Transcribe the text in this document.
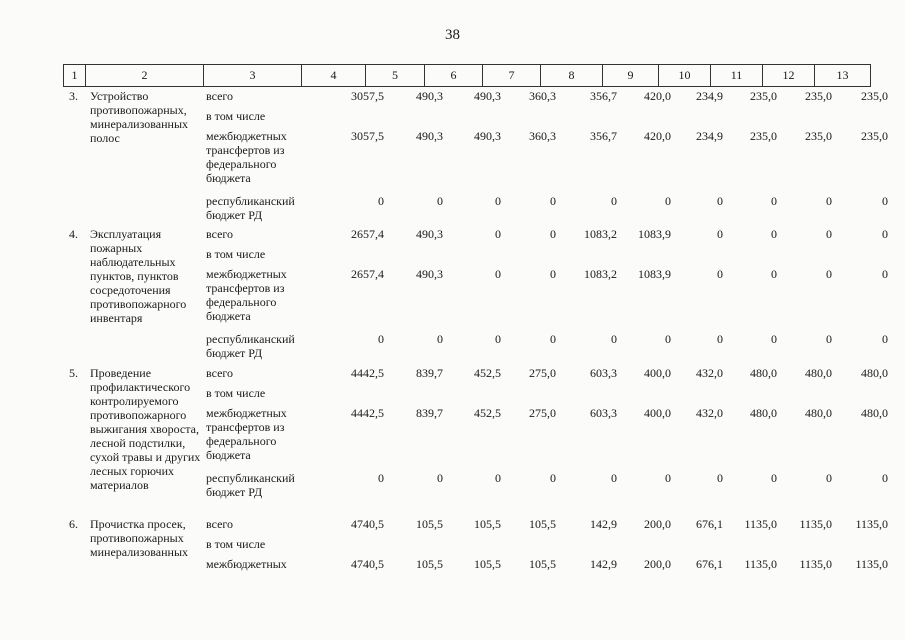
38
1	2	3	4	5	6	7	8	9	10	11	12	13
3. Устройство
противопожарных,
минерализованных
полос
всего	3057,5	490,3	490,3	360,3	356,7	420,0	234,9	235,0	235,0	235,0
в том числе
межбюджетных
трансфертов из
федерального
бюджета
3057,5	490,3	490,3	360,3	356,7	420,0	234,9	235,0	235,0	235,0
республиканский
бюджет РД
0	0	0	0	0	0	0	0	0	0
4. Эксплуатация
пожарных
наблюдательных
пунктов, пунктов
сосредоточения
противопожарного
инвентаря
всего	2657,4	490,3	0	0	1083,2	1083,9	0	0	0	0
в том числе
межбюджетных
трансфертов из
федерального
бюджета
2657,4	490,3	0	0	1083,2	1083,9	0	0	0	0
республиканский
бюджет РД
0	0	0	0	0	0	0	0	0	0
5. Проведение
профилактического
контролируемого
противопожарного
выжигания хвороста,
лесной подстилки,
сухой травы и других
лесных горючих
материалов
всего	4442,5	839,7	452,5	275,0	603,3	400,0	432,0	480,0	480,0	480,0
в том числе
межбюджетных
трансфертов из
федерального
бюджета
4442,5	839,7	452,5	275,0	603,3	400,0	432,0	480,0	480,0	480,0
республиканский
бюджет РД
0	0	0	0	0	0	0	0	0	0
6. Прочистка просек,
противопожарных
минерализованных
всего	4740,5	105,5	105,5	105,5	142,9	200,0	676,1	1135,0	1135,0	1135,0
в том числе
межбюджетных	4740,5	105,5	105,5	105,5	142,9	200,0	676,1	1135,0	1135,0	1135,0
